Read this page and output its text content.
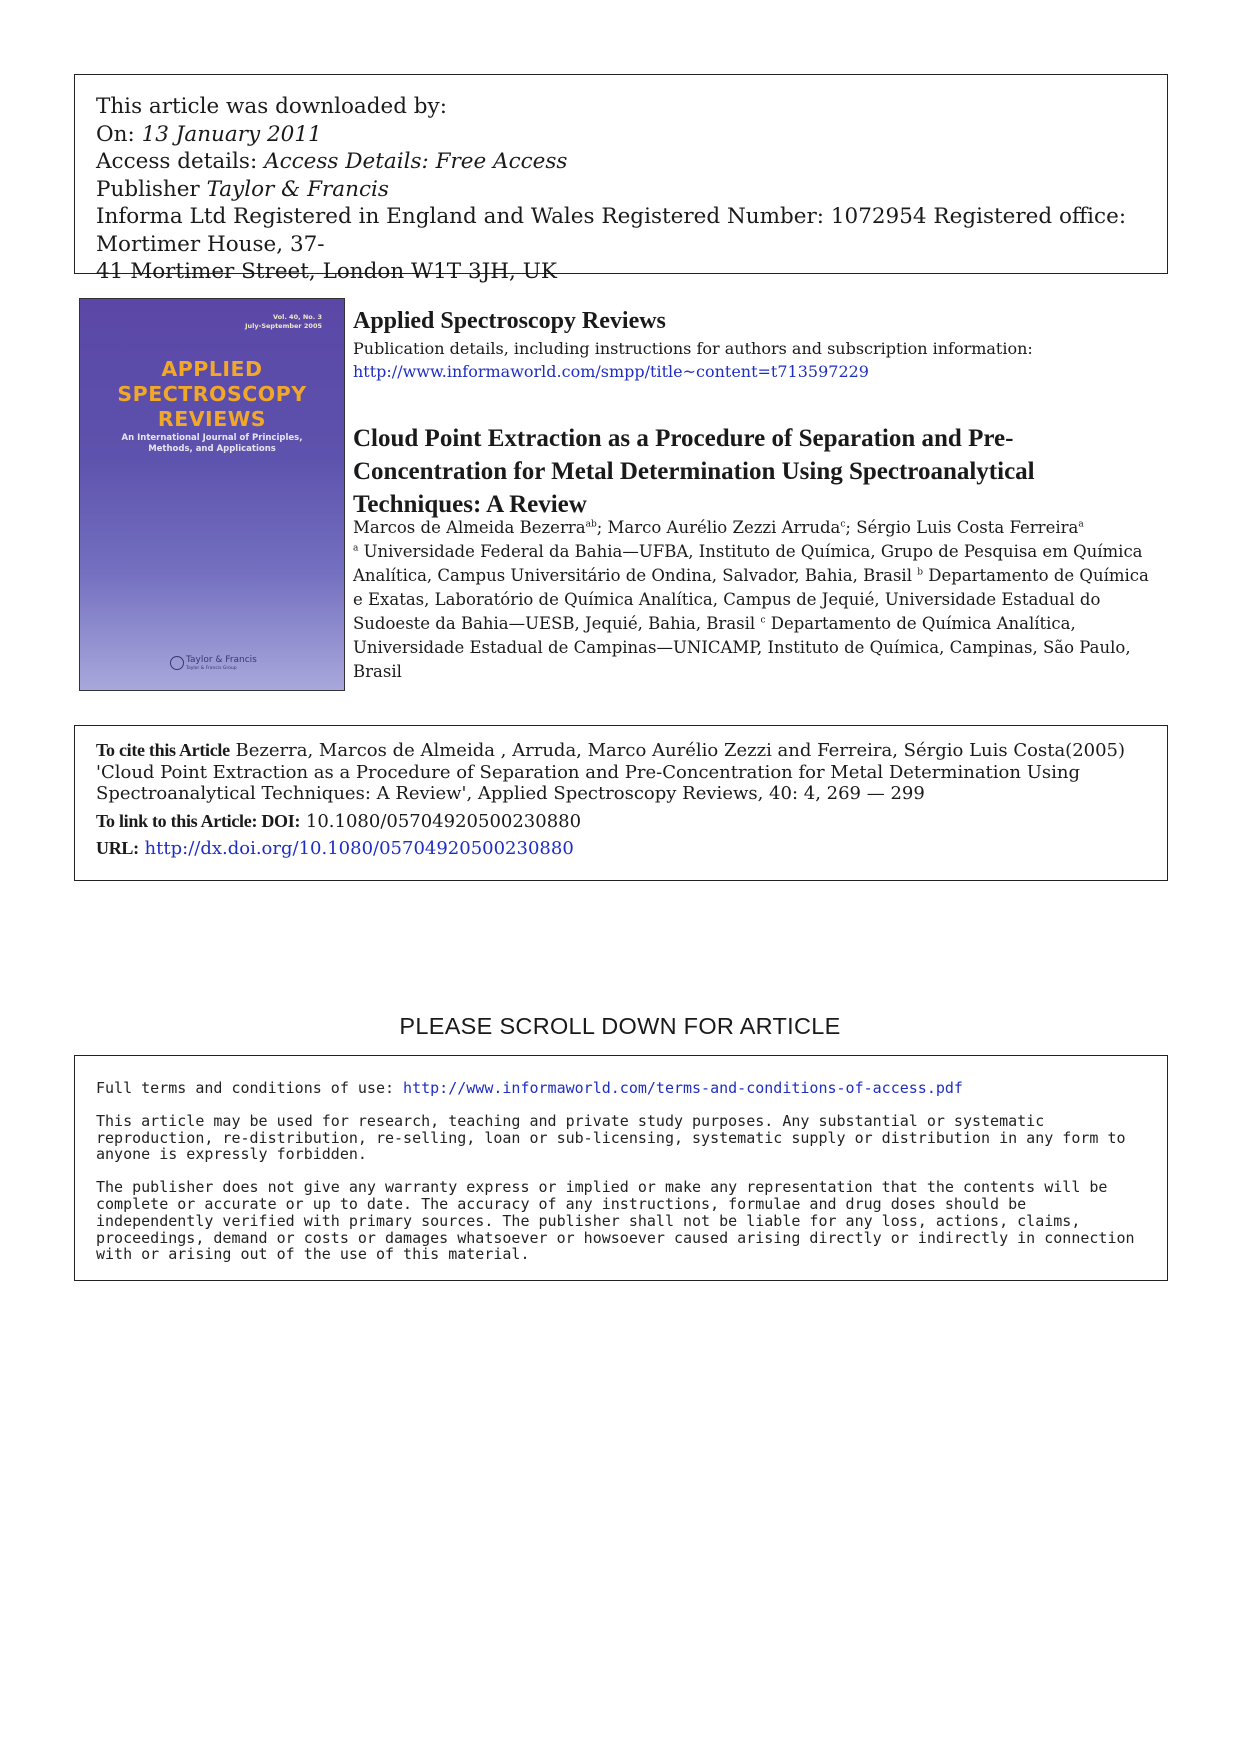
This article was downloaded by:
On: 13 January 2011
Access details: Access Details: Free Access
Publisher Taylor & Francis
Informa Ltd Registered in England and Wales Registered Number: 1072954 Registered office: Mortimer House, 37-
41 Mortimer Street, London W1T 3JH, UK
Vol. 40, No. 3
July-September 2005
APPLIED
SPECTROSCOPY
REVIEWS
An International Journal of Principles,
Methods, and Applications
Taylor & Francis
Taylor & Francis Group
Applied Spectroscopy Reviews
Publication details, including instructions for authors and subscription information:
http://www.informaworld.com/smpp/title~content=t713597229
Cloud Point Extraction as a Procedure of Separation and Pre-Concentration for Metal Determination Using Spectroanalytical Techniques: A Review
Marcos de Almeida Bezerra$^{ab}$; Marco Aurélio Zezzi Arruda$^c$; Sérgio Luis Costa Ferreira$^a$
$^a$ Universidade Federal da Bahia—UFBA, Instituto de Química, Grupo de Pesquisa em Química Analítica, Campus Universitário de Ondina, Salvador, Bahia, Brasil $^b$ Departamento de Química e Exatas, Laboratório de Química Analítica, Campus de Jequié, Universidade Estadual do Sudoeste da Bahia—UESB, Jequié, Bahia, Brasil $^c$ Departamento de Química Analítica, Universidade Estadual de Campinas—UNICAMP, Instituto de Química, Campinas, São Paulo, Brasil
To cite this Article Bezerra, Marcos de Almeida , Arruda, Marco Aurélio Zezzi and Ferreira, Sérgio Luis Costa(2005) 'Cloud Point Extraction as a Procedure of Separation and Pre-Concentration for Metal Determination Using Spectroanalytical Techniques: A Review', Applied Spectroscopy Reviews, 40: 4, 269 — 299
To link to this Article: DOI: 10.1080/05704920500230880
URL: http://dx.doi.org/10.1080/05704920500230880
PLEASE SCROLL DOWN FOR ARTICLE

Full terms and conditions of use: http://www.informaworld.com/terms-and-conditions-of-access.pdf

This article may be used for research, teaching and private study purposes. Any substantial or systematic reproduction, re-distribution, re-selling, loan or sub-licensing, systematic supply or distribution in any form to anyone is expressly forbidden.

The publisher does not give any warranty express or implied or make any representation that the contents will be complete or accurate or up to date. The accuracy of any instructions, formulae and drug doses should be independently verified with primary sources. The publisher shall not be liable for any loss, actions, claims, proceedings, demand or costs or damages whatsoever or howsoever caused arising directly or indirectly in connection with or arising out of the use of this material.
